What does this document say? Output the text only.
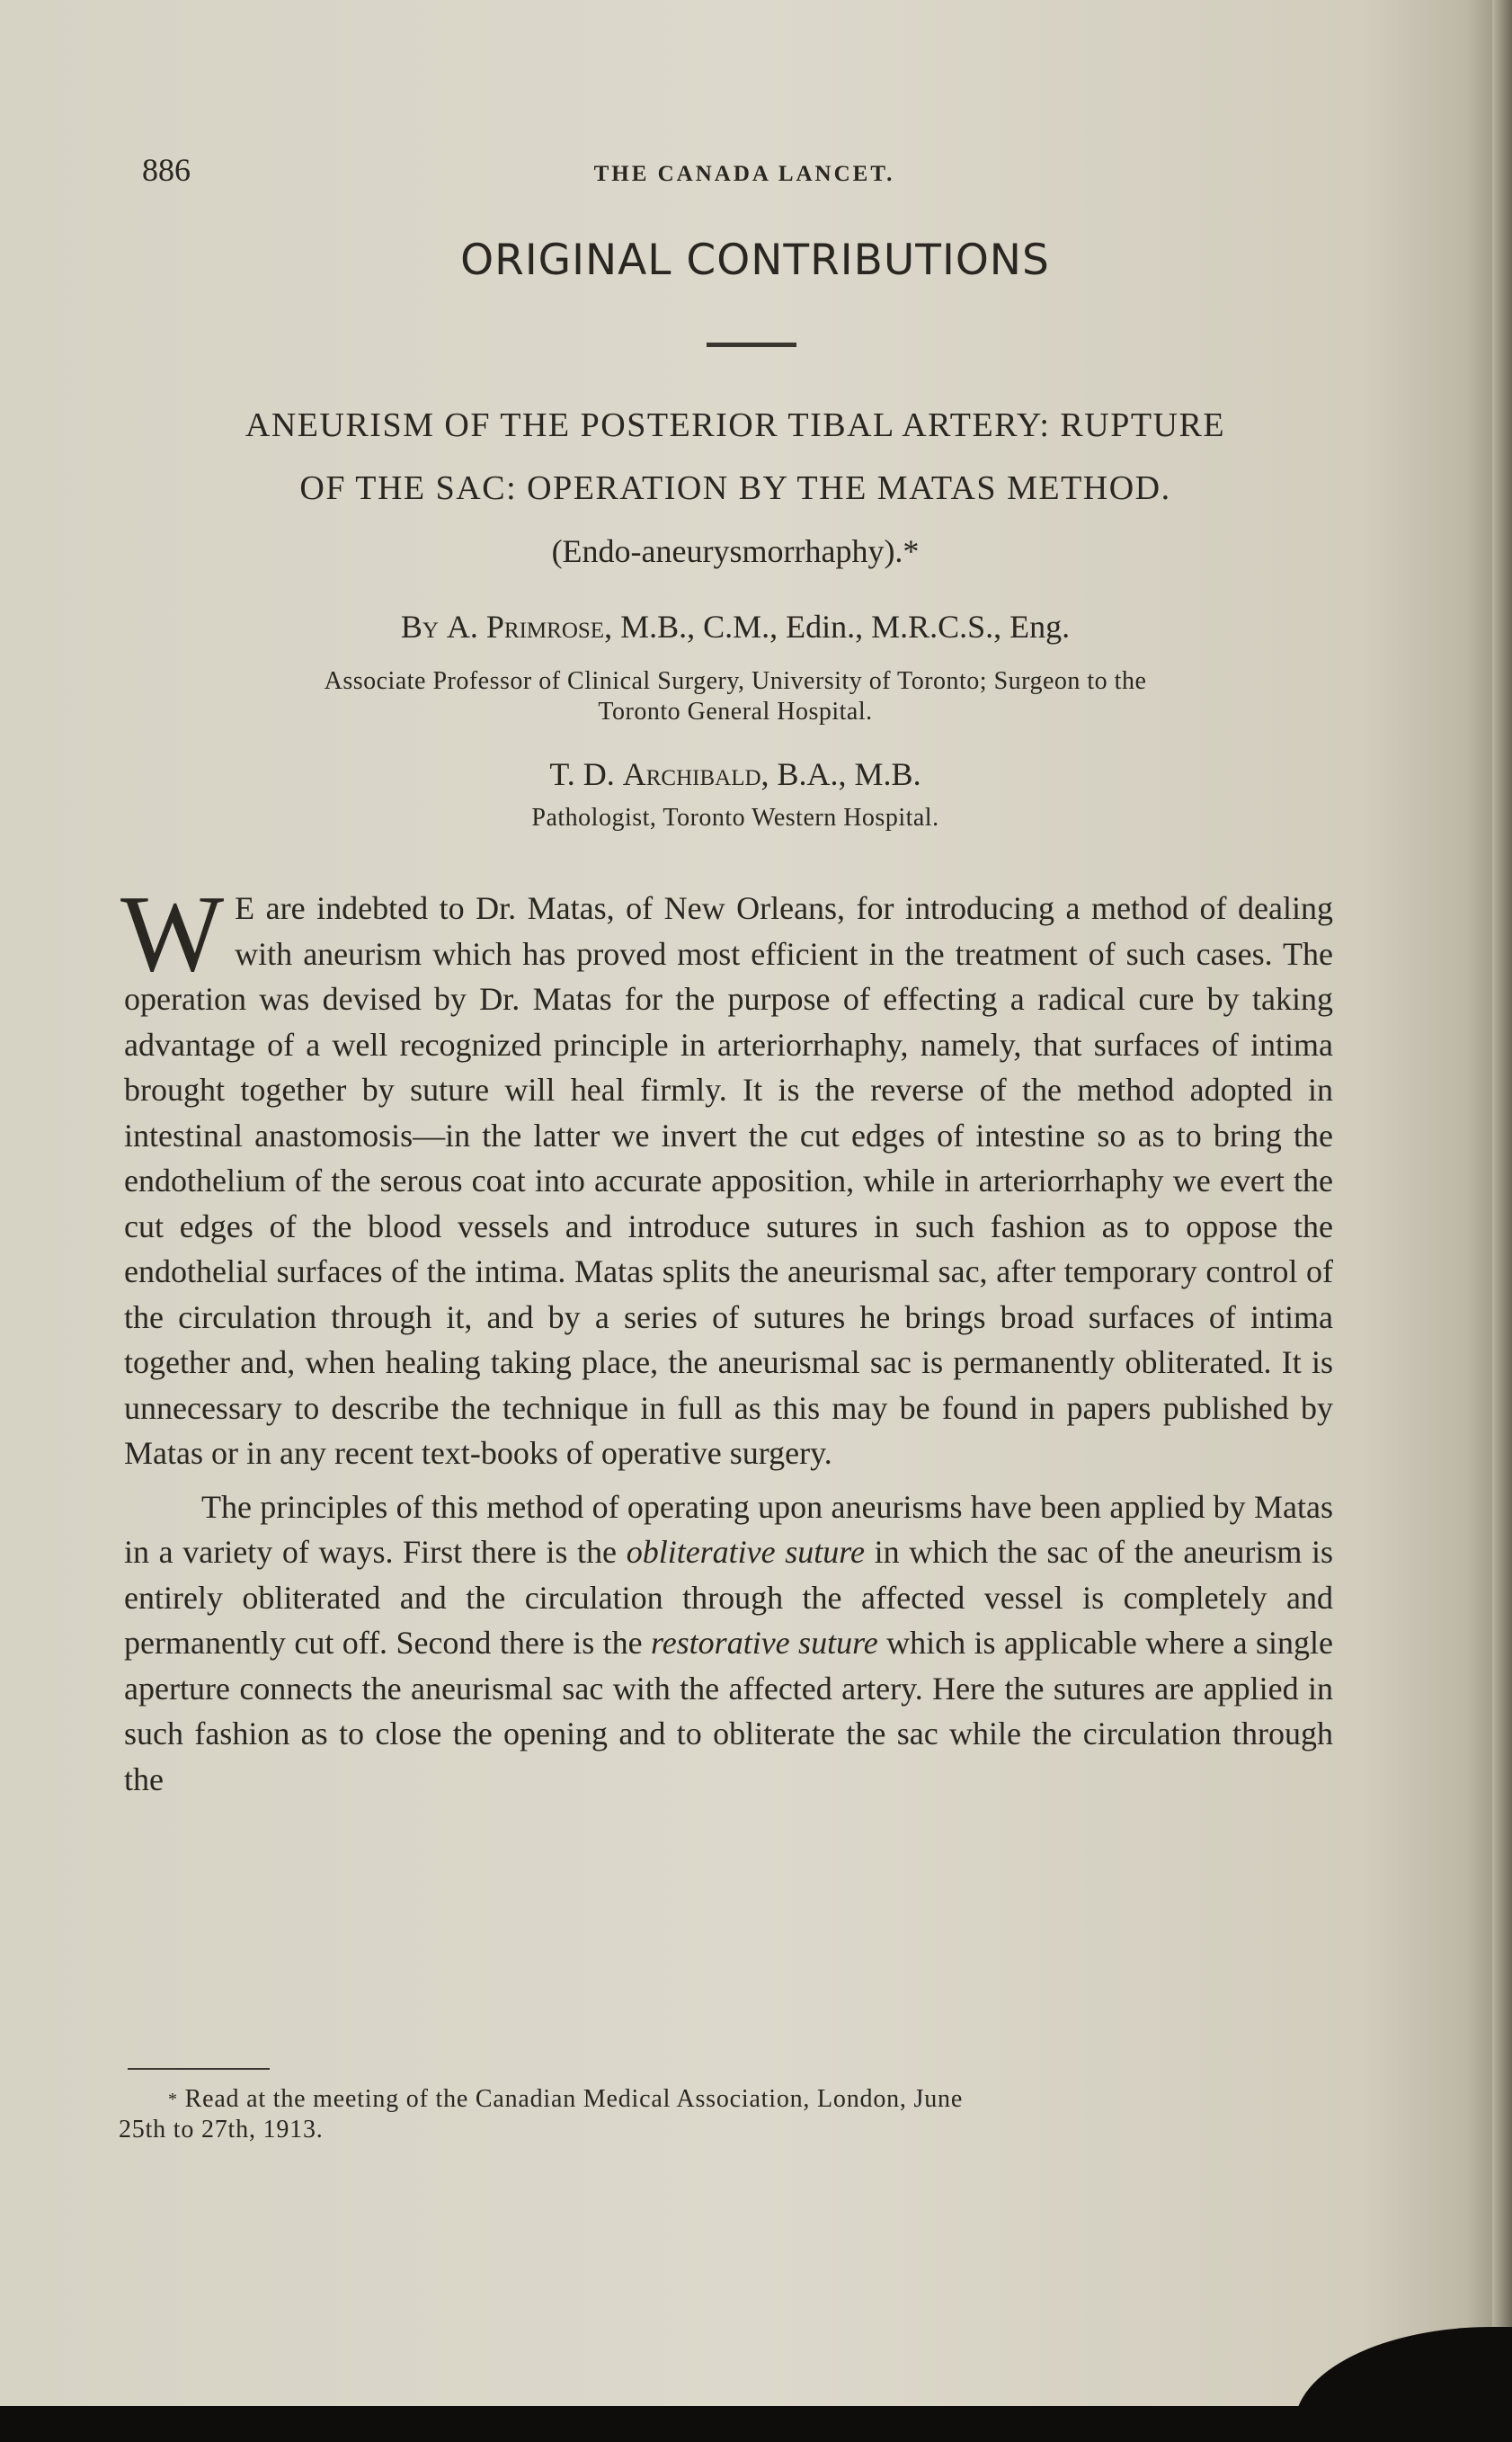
886	THE CANADA LANCET.
ORIGINAL CONTRIBUTIONS

ANEURISM OF THE POSTERIOR TIBAL ARTERY: RUPTURE

OF THE SAC: OPERATION BY THE MATAS METHOD.

(Endo-aneurysmorrhaphy).*

By A. Primrose, M.B., C.M., Edin., M.R.C.S., Eng.

Associate Professor of Clinical Surgery, University of Toronto; Surgeon to the
Toronto General Hospital.

T. D. Archibald, B.A., M.B.

Pathologist, Toronto Western Hospital.

W E are indebted to Dr. Matas, of New Orleans, for introducing a method of dealing with aneurism which has proved most efficient in the treatment of such cases. The operation was devised by Dr. Matas for the purpose of effecting a radical cure by taking advantage of a well recognized principle in arteriorrhaphy, namely, that surfaces of intima brought together by suture will heal firmly. It is the reverse of the method adopted in intestinal anastomosis—in the latter we invert the cut edges of intestine so as to bring the endothelium of the serous coat into accurate apposition, while in arteriorrhaphy we evert the cut edges of the blood vessels and introduce sutures in such fashion as to oppose the endothelial surfaces of the intima. Matas splits the aneurismal sac, after temporary control of the circulation through it, and by a series of sutures he brings broad surfaces of intima together and, when healing taking place, the aneurismal sac is permanently obliterated. It is unnecessary to describe the technique in full as this may be found in papers published by Matas or in any recent text-books of operative surgery.

The principles of this method of operating upon aneurisms have been applied by Matas in a variety of ways. First there is the obliterative suture in which the sac of the aneurism is entirely obliterated and the circulation through the affected vessel is completely and permanently cut off. Second there is the restorative suture which is applicable where a single aperture connects the aneurismal sac with the affected artery. Here the sutures are applied in such fashion as to close the opening and to obliterate the sac while the circulation through the

* Read at the meeting of the Canadian Medical Association, London, June
25th to 27th, 1913.
